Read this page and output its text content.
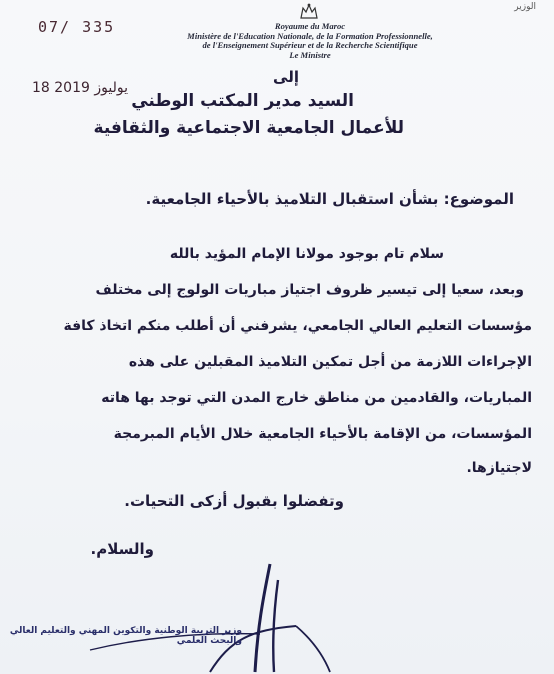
07/ 335	Royaume du Maroc
Ministère de l'Education Nationale, de la Formation Professionnelle,
de l'Enseignement Supérieur et de la Recherche Scientifique
Le Ministre
الوزير
18 يوليوز 2019
إلى
السيد مدير المكتب الوطني
للأعمال الجامعية الاجتماعية والثقافية
الموضوع: بشأن استقبال التلاميذ بالأحياء الجامعية.
سلام تام بوجود مولانا الإمام المؤيد بالله
وبعد، سعيا إلى تيسير ظروف اجتياز مباريات الولوج إلى مختلف
مؤسسات التعليم العالي الجامعي، يشرفني أن أطلب منكم اتخاذ كافة
الإجراءات اللازمة من أجل تمكين التلاميذ المقبلين على هذه
المباريات، والقادمين من مناطق خارج المدن التي توجد بها هاته
المؤسسات، من الإقامة بالأحياء الجامعية خلال الأيام المبرمجة
لاجتيازها.
وتفضلوا بقبول أزكى التحيات.
والسلام.
وزير التربية الوطنية والتكوين المهني والتعليم العالي
والبحث العلمي
